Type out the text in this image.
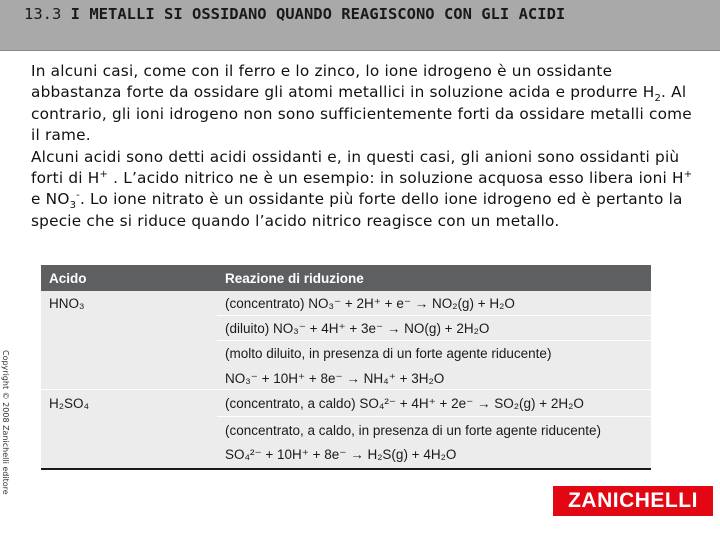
13.3 I METALLI SI OSSIDANO QUANDO REAGISCONO CON GLI ACIDI

In alcuni casi, come con il ferro e lo zinco, lo ione idrogeno è un ossidante abbastanza forte da ossidare gli atomi metallici in soluzione acida e produrre $H_2$. Al contrario, gli ioni idrogeno non sono sufficientemente forti da ossidare metalli come il rame.

Alcuni acidi sono detti acidi ossidanti e, in questi casi, gli anioni sono ossidanti più forti di H+ . L’acido nitrico ne è un esempio: in soluzione acquosa esso libera ioni H+ e $NO_3^-$. Lo ione nitrato è un ossidante più forte dello ione idrogeno ed è pertanto la specie che si riduce quando l’acido nitrico reagisce con un metallo.

Acido	Reazione di riduzione
HNO₃	(concentrato) NO₃⁻ + 2H⁺ + e⁻ → NO₂(g) + H₂O
(diluito) NO₃⁻ + 4H⁺ + 3e⁻ → NO(g) + 2H₂O
(molto diluito, in presenza di un forte agente riducente)
NO₃⁻ + 10H⁺ + 8e⁻ → NH₄⁺ + 3H₂O
H₂SO₄	(concentrato, a caldo) SO₄²⁻ + 4H⁺ + 2e⁻ → SO₂(g) + 2H₂O
(concentrato, a caldo, in presenza di un forte agente riducente)
SO₄²⁻ + 10H⁺ + 8e⁻ → H₂S(g) + 4H₂O
Copyright © 2008 Zanichelli editore
ZANICHELLI
